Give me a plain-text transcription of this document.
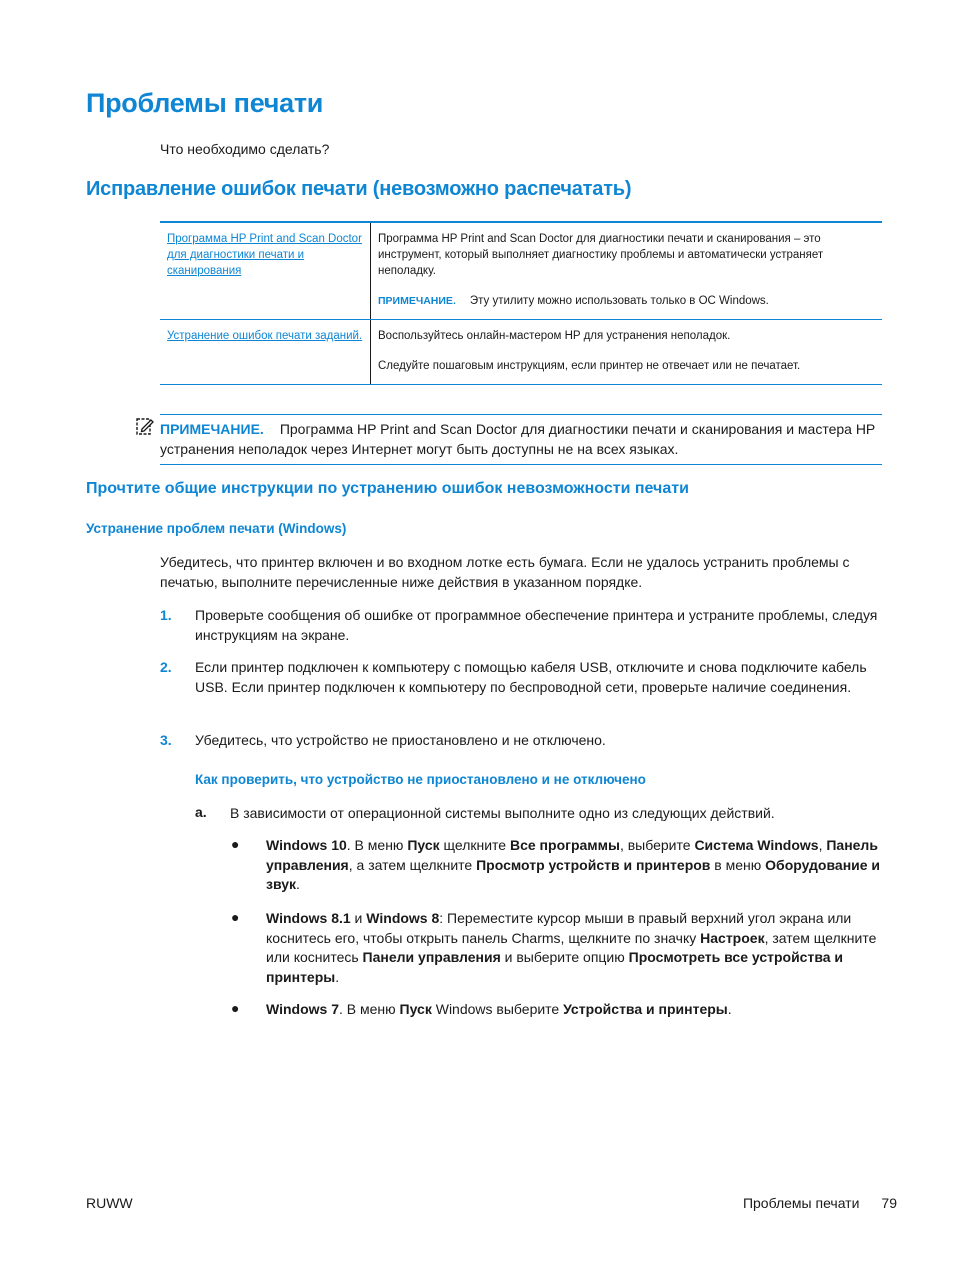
Проблемы печати
Что необходимо сделать?
Исправление ошибок печати (невозможно распечатать)
Программа HP Print and Scan Doctor для диагностики печати и сканирования	Программа HP Print and Scan Doctor для диагностики печати и сканирования – это инструмент, который выполняет диагностику проблемы и автоматически устраняет неполадку.
ПРИМЕЧАНИЕ. Эту утилиту можно использовать только в ОС Windows.

Устранение ошибок печати заданий.	Воспользуйтесь онлайн-мастером HP для устранения неполадок.
Следуйте пошаговым инструкциям, если принтер не отвечает или не печатает.
ПРИМЕЧАНИЕ. Программа HP Print and Scan Doctor для диагностики печати и сканирования и мастера HP устранения неполадок через Интернет могут быть доступны не на всех языках.
Прочтите общие инструкции по устранению ошибок невозможности печати
Устранение проблем печати (Windows)
Убедитесь, что принтер включен и во входном лотке есть бумага. Если не удалось устранить проблемы с печатью, выполните перечисленные ниже действия в указанном порядке.
1. Проверьте сообщения об ошибке от программное обеспечение принтера и устраните проблемы, следуя инструкциям на экране.
2. Если принтер подключен к компьютеру с помощью кабеля USB, отключите и снова подключите кабель USB. Если принтер подключен к компьютеру по беспроводной сети, проверьте наличие соединения.
3. Убедитесь, что устройство не приостановлено и не отключено.
Как проверить, что устройство не приостановлено и не отключено
a. В зависимости от операционной системы выполните одно из следующих действий.
● Windows 10. В меню Пуск щелкните Все программы, выберите Система Windows, Панель управления, а затем щелкните Просмотр устройств и принтеров в меню Оборудование и звук.
● Windows 8.1 и Windows 8: Переместите курсор мыши в правый верхний угол экрана или коснитесь его, чтобы открыть панель Charms, щелкните по значку Настроек, затем щелкните или коснитесь Панели управления и выберите опцию Просмотреть все устройства и принтеры.
● Windows 7. В меню Пуск Windows выберите Устройства и принтеры.
RUWW	Проблемы печати 79
